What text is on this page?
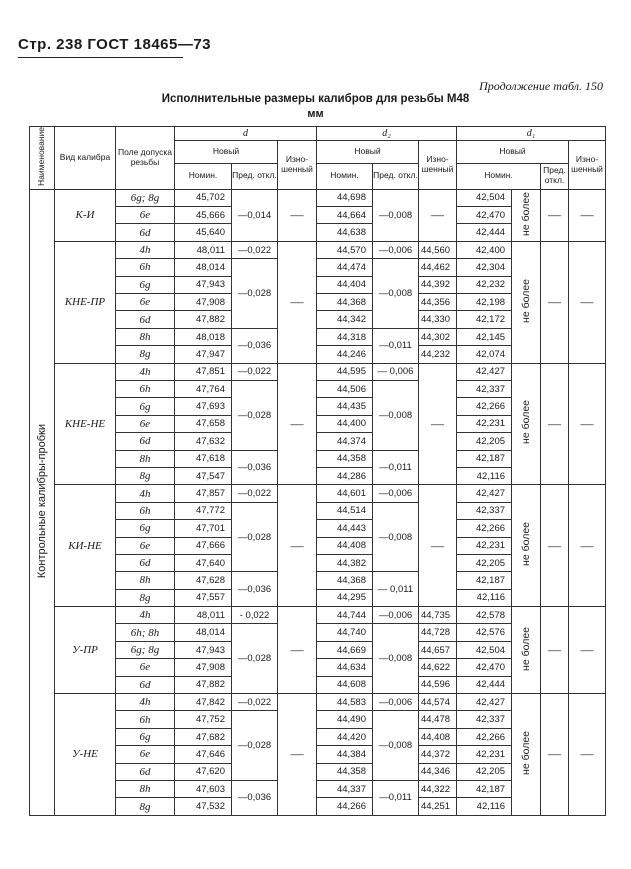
Стр. 238 ГОСТ 18465—73
Продолжение табл. 150
Исполнительные размеры калибров для резьбы М48
мм
Наименование	Вид калибра	Поле допуска резьбы	d			d₂			d₁			
			Новый		Изно-шенный	Новый		Изно-шенный	Новый			Изно-шенный
			Номин.	Пред. откл.		Номин.	Пред. откл.		Номин.		Пред. откл.	
Контрольные калибры-пробки	К-И	6g; 8g	45,702	—0,014	—	44,698	—0,008	—	42,504	не более	—	—
		6e	45,666			44,664			42,470			
		6d	45,640			44,638			42,444			
	КНЕ-ПР	4h	48,011	—0,022	—	44,570	—0,006	44,560	42,400	не более	—	—
		6h	48,014	—0,028		44,474	—0,008	44,462	42,304			
		6g	47,943			44,404		44,392	42,232			
		6e	47,908			44,368		44,356	42,198			
		6d	47,882			44,342		44,330	42,172			
		8h	48,018	—0,036		44,318	—0,011	44,302	42,145			
		8g	47,947			44,246		44,232	42,074			
	КНЕ-НЕ	4h	47,851	—0,022	—	44,595	— 0,006	—	42,427	не более	—	—
		6h	47,764	—0,028		44,506	—0,008		42,337			
		6g	47,693			44,435			42,266			
		6e	47,658			44,400			42,231			
		6d	47,632			44,374			42,205			
		8h	47,618	—0,036		44,358	—0,011		42,187			
		8g	47,547			44,286			42,116			
	КИ-НЕ	4h	47,857	—0,022	—	44,601	—0,006	—	42,427	не более	—	—
		6h	47,772	—0,028		44,514	—0,008		42,337			
		6g	47,701			44,443			42,266			
		6e	47,666			44,408			42,231			
		6d	47,640			44,382			42,205			
		8h	47,628	—0,036		44,368	— 0,011		42,187			
		8g	47,557			44,295			42,116			
	У-ПР	4h	48,011	- 0,022	—	44,744	—0,006	44,735	42,578	не более	—	—
		6h; 8h	48,014	—0,028		44,740	—0,008	44,728	42,576			
		6g; 8g	47,943			44,669		44,657	42,504			
		6e	47,908			44,634		44,622	42,470			
		6d	47,882			44,608		44,596	42,444			
	У-НЕ	4h	47,842	—0,022	—	44,583	—0,006	44,574	42,427	не более	—	—
		6h	47,752	—0,028		44,490	—0,008	44,478	42,337			
		6g	47,682			44,420		44,408	42,266			
		6e	47,646			44,384		44,372	42,231			
		6d	47,620			44,358		44,346	42,205			
		8h	47,603	—0,036		44,337	—0,011	44,322	42,187			
		8g	47,532			44,266		44,251	42,116			
